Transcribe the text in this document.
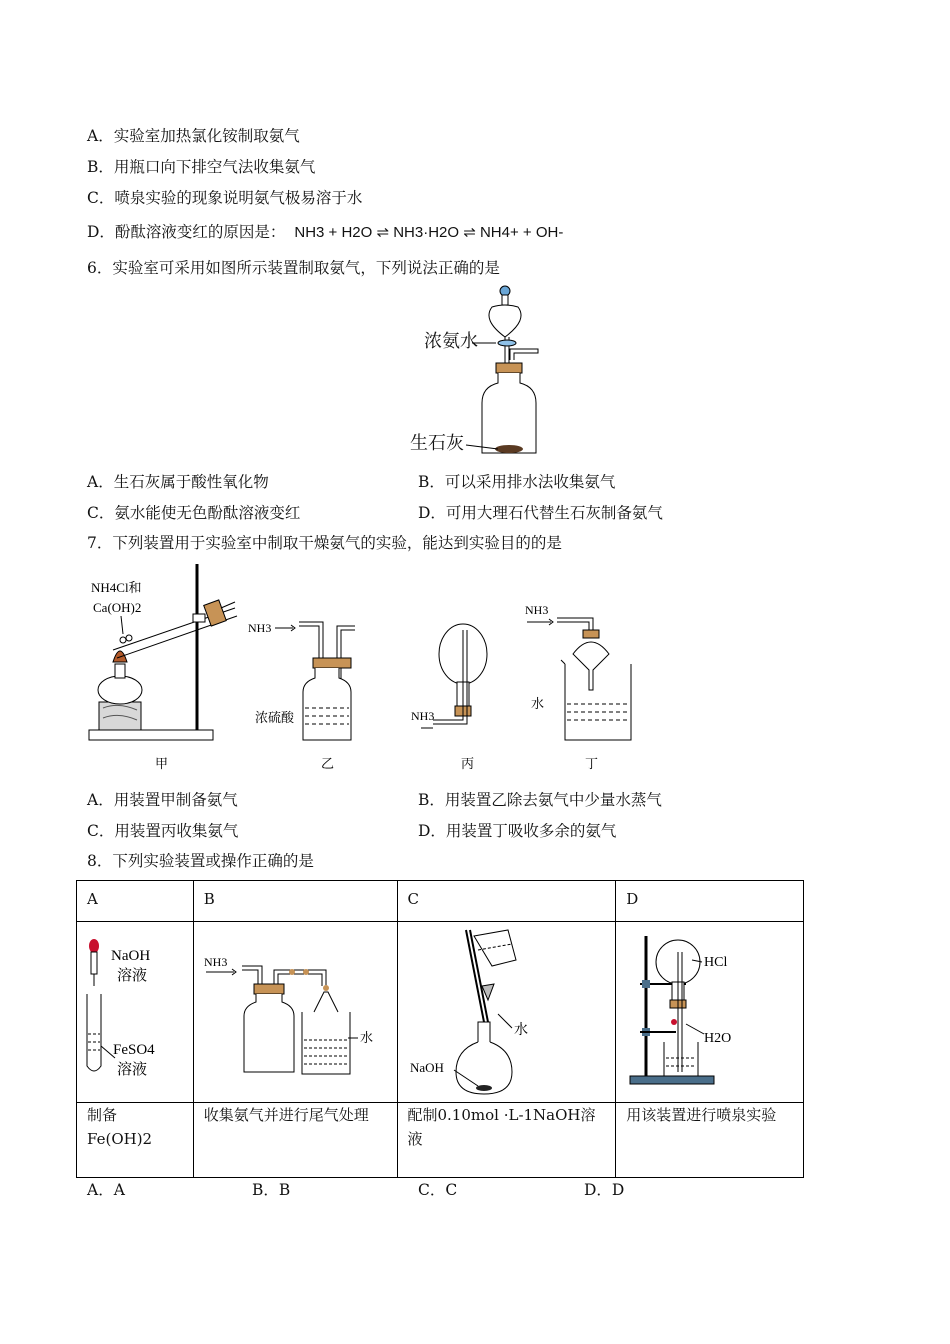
A．实验室加热氯化铵制取氨气
B．用瓶口向下排空气法收集氨气
C．喷泉实验的现象说明氨气极易溶于水
D．酚酞溶液变红的原因是： NH3 + H2O ⇌ NH3·H2O ⇌ NH4+ + OH-
6．实验室可采用如图所示装置制取氨气，下列说法正确的是
浓氨水
生石灰
A．生石灰属于酸性氧化物	B．可以采用排水法收集氨气
C．氨水能使无色酚酞溶液变红	D．可用大理石代替生石灰制备氨气
7．下列装置用于实验室中制取干燥氨气的实验，能达到实验目的的是
NH4Cl和
Ca(OH)2
甲
NH3
浓硫酸
乙
NH3
丙
NH3
水
丁
A．用装置甲制备氨气	B．用装置乙除去氨气中少量水蒸气
C．用装置丙收集氨气	D．用装置丁吸收多余的氨气
8．下列实验装置或操作正确的是
A	B	C	D

NaOH
溶液
FeSO4
溶液	NH3
水	水
NaOH	HCl
H2O

制备
Fe(OH)2	收集氨气并进行尾气处理	配制0.10mol ·L-1NaOH溶液	用该装置进行喷泉实验
A．A	B．B	C．C	D．D
